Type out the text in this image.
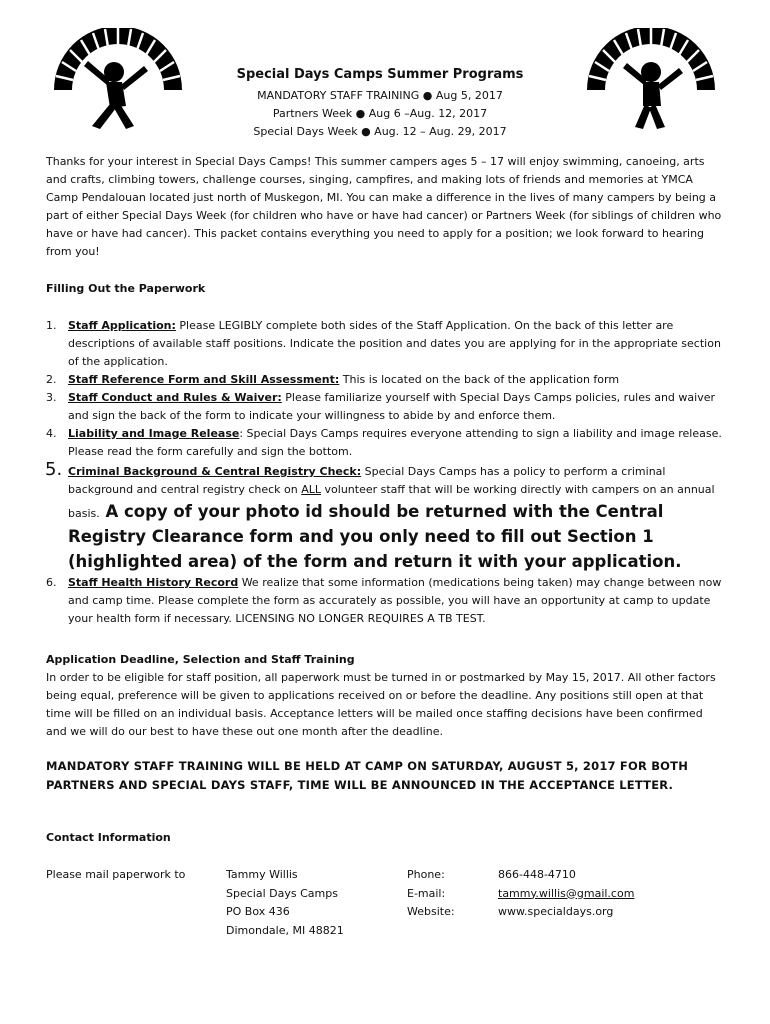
Special Days Camps Summer Programs
MANDATORY STAFF TRAINING ● Aug 5, 2017
Partners Week ● Aug 6 –Aug. 12, 2017
Special Days Week ● Aug. 12 – Aug. 29, 2017
Thanks for your interest in Special Days Camps! This summer campers ages 5 – 17 will enjoy swimming, canoeing, arts and crafts, climbing towers, challenge courses, singing, campfires, and making lots of friends and memories at YMCA Camp Pendalouan located just north of Muskegon, MI. You can make a difference in the lives of many campers by being a part of either Special Days Week (for children who have or have had cancer) or Partners Week (for siblings of children who have or have had cancer). This packet contains everything you need to apply for a position; we look forward to hearing from you!
Filling Out the Paperwork
1. Staff Application: Please LEGIBLY complete both sides of the Staff Application. On the back of this letter are descriptions of available staff positions. Indicate the position and dates you are applying for in the appropriate section of the application.
2. Staff Reference Form and Skill Assessment: This is located on the back of the application form
3. Staff Conduct and Rules & Waiver: Please familiarize yourself with Special Days Camps policies, rules and waiver and sign the back of the form to indicate your willingness to abide by and enforce them.
4. Liability and Image Release: Special Days Camps requires everyone attending to sign a liability and image release. Please read the form carefully and sign the bottom.
5. Criminal Background & Central Registry Check: Special Days Camps has a policy to perform a criminal background and central registry check on ALL volunteer staff that will be working directly with campers on an annual basis. A copy of your photo id should be returned with the Central Registry Clearance form and you only need to fill out Section 1 (highlighted area) of the form and return it with your application.
6. Staff Health History Record We realize that some information (medications being taken) may change between now and camp time. Please complete the form as accurately as possible, you will have an opportunity at camp to update your health form if necessary. LICENSING NO LONGER REQUIRES A TB TEST.
Application Deadline, Selection and Staff Training
In order to be eligible for staff position, all paperwork must be turned in or postmarked by May 15, 2017. All other factors being equal, preference will be given to applications received on or before the deadline. Any positions still open at that time will be filled on an individual basis. Acceptance letters will be mailed once staffing decisions have been confirmed and we will do our best to have these out one month after the deadline.
MANDATORY STAFF TRAINING WILL BE HELD AT CAMP ON SATURDAY, AUGUST 5, 2017 FOR BOTH PARTNERS AND SPECIAL DAYS STAFF, TIME WILL BE ANNOUNCED IN THE ACCEPTANCE LETTER.
Contact Information
Please mail paperwork to	Tammy Willis
Special Days Camps
PO Box 436
Dimondale, MI 48821
Phone:
E-mail:
Website:
866-448-4710
tammy.willis@gmail.com
www.specialdays.org
